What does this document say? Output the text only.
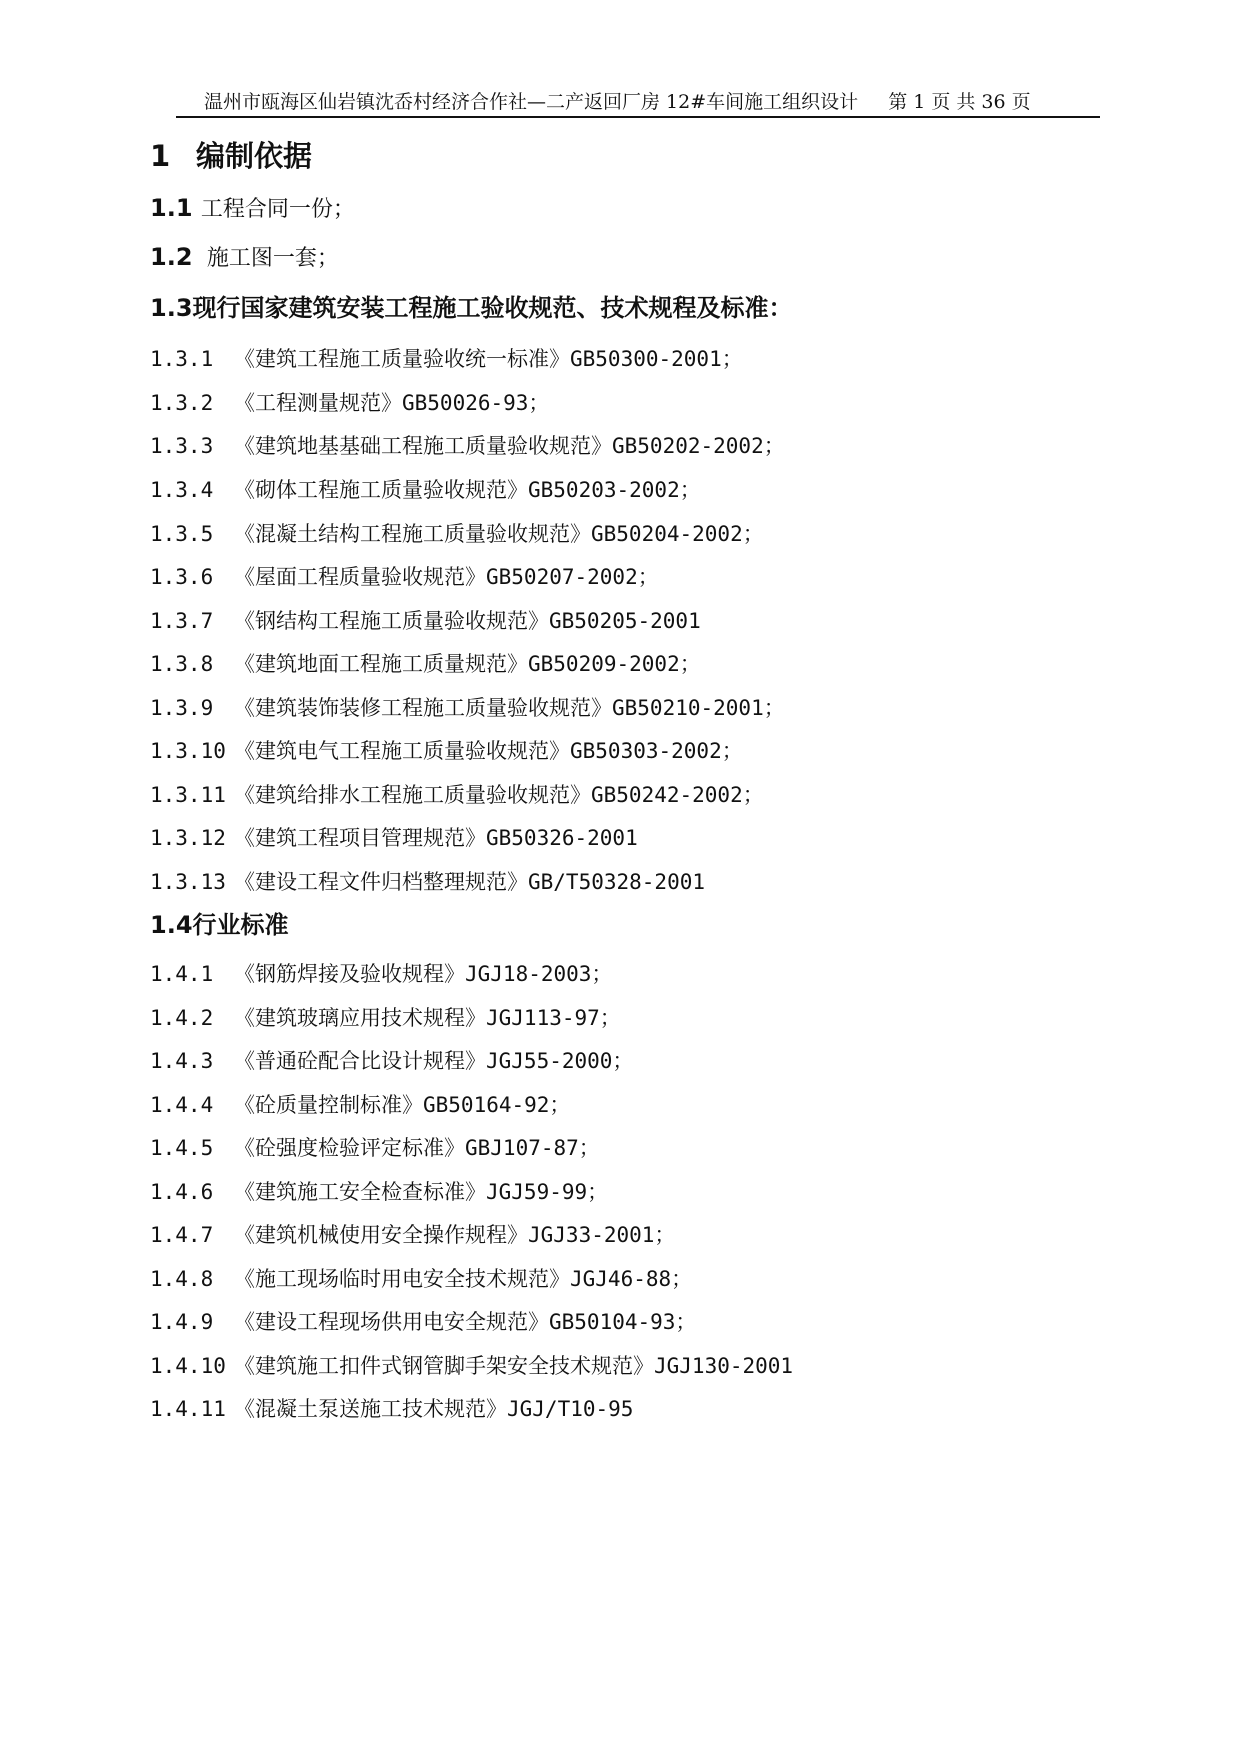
温州市瓯海区仙岩镇沈岙村经济合作社—二产返回厂房 12#车间施工组织设计 第 1 页 共 36 页
1 编制依据
1.1 工程合同一份；
1.2 施工图一套；
1.3现行国家建筑安装工程施工验收规范、技术规程及标准：
1.3.1 《建筑工程施工质量验收统一标准》GB50300-2001；
1.3.2 《工程测量规范》GB50026-93；
1.3.3 《建筑地基基础工程施工质量验收规范》GB50202-2002；
1.3.4 《砌体工程施工质量验收规范》GB50203-2002；
1.3.5 《混凝土结构工程施工质量验收规范》GB50204-2002；
1.3.6 《屋面工程质量验收规范》GB50207-2002；
1.3.7 《钢结构工程施工质量验收规范》GB50205-2001
1.3.8 《建筑地面工程施工质量规范》GB50209-2002；
1.3.9 《建筑装饰装修工程施工质量验收规范》GB50210-2001；
1.3.10 《建筑电气工程施工质量验收规范》GB50303-2002；
1.3.11 《建筑给排水工程施工质量验收规范》GB50242-2002；
1.3.12 《建筑工程项目管理规范》GB50326-2001
1.3.13 《建设工程文件归档整理规范》GB/T50328-2001
1.4行业标准
1.4.1 《钢筋焊接及验收规程》JGJ18-2003；
1.4.2 《建筑玻璃应用技术规程》JGJ113-97；
1.4.3 《普通砼配合比设计规程》JGJ55-2000；
1.4.4 《砼质量控制标准》GB50164-92；
1.4.5 《砼强度检验评定标准》GBJ107-87；
1.4.6 《建筑施工安全检查标准》JGJ59-99；
1.4.7 《建筑机械使用安全操作规程》JGJ33-2001；
1.4.8 《施工现场临时用电安全技术规范》JGJ46-88；
1.4.9 《建设工程现场供用电安全规范》GB50104-93；
1.4.10 《建筑施工扣件式钢管脚手架安全技术规范》JGJ130-2001
1.4.11 《混凝土泵送施工技术规范》JGJ/T10-95
